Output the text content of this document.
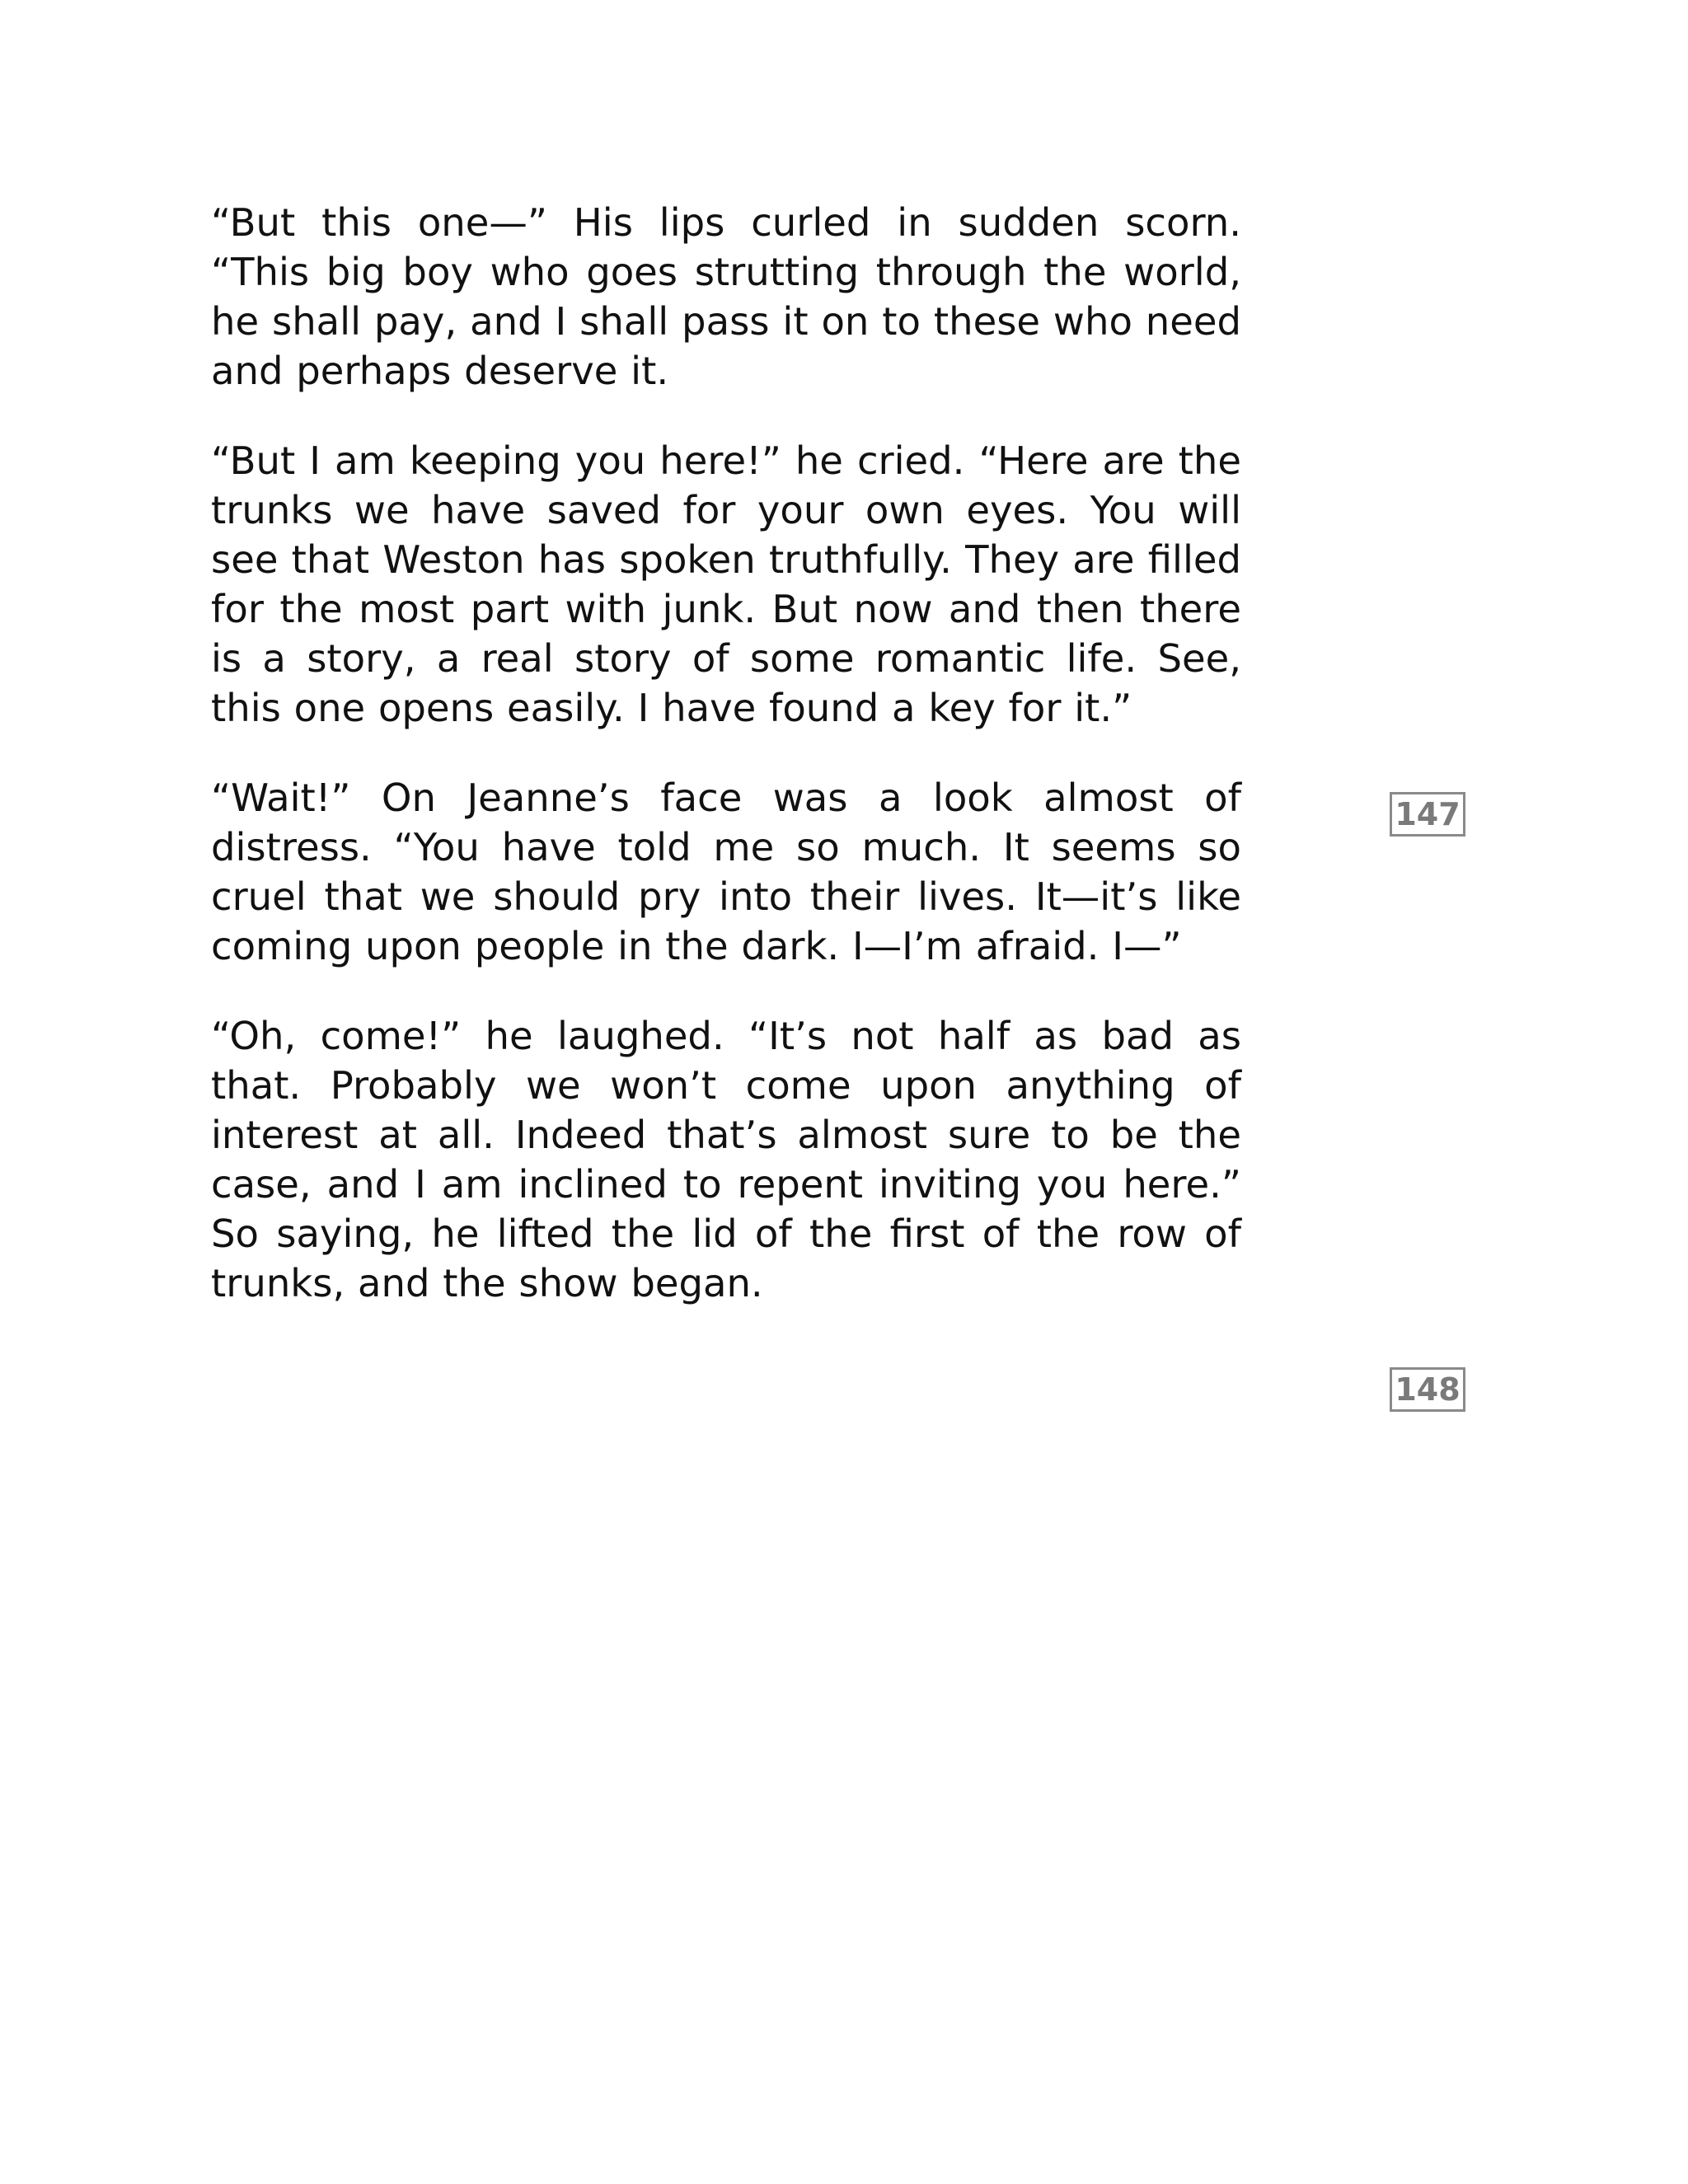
“But this one—” His lips curled in sudden scorn. “This big boy who goes strutting through the world, he shall pay, and I shall pass it on to these who need and perhaps deserve it.

“But I am keeping you here!” he cried. “Here are the trunks we have saved for your own eyes. You will see that Weston has spoken truthfully. They are filled for the most part with junk. But now and then there is a story, a real story of some romantic life. See, this one opens easily. I have found a key for it.”

“Wait!” On Jeanne’s face was a look almost of distress. “You have told me so much. It seems so cruel that we should pry into their lives. It—it’s like coming upon people in the dark. I—I’m afraid. I—”

“Oh, come!” he laughed. “It’s not half as bad as that. Probably we won’t come upon anything of interest at all. Indeed that’s almost sure to be the case, and I am inclined to repent inviting you here.” So saying, he lifted the lid of the first of the row of trunks, and the show began.

147
148
